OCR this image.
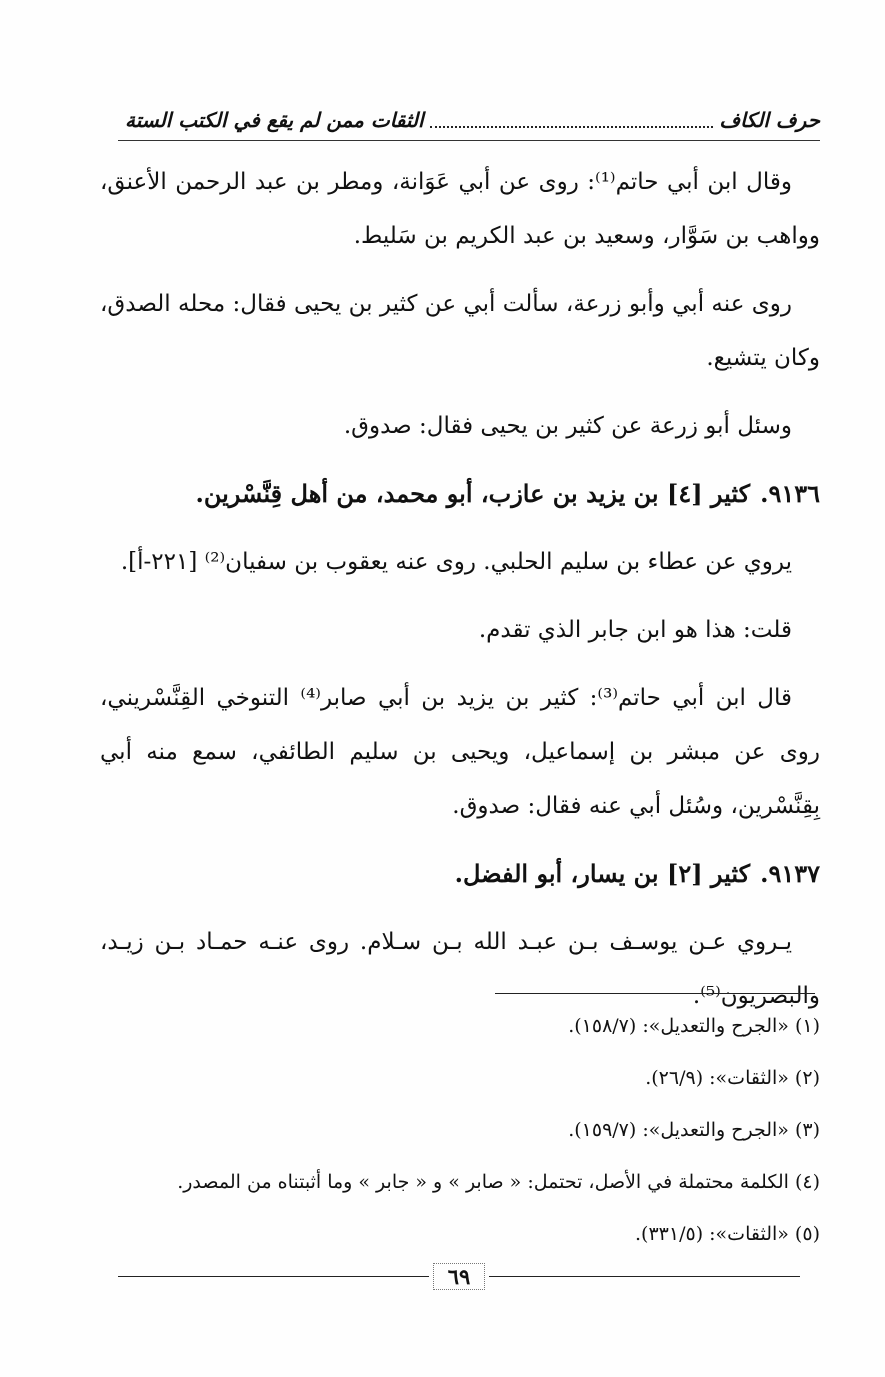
حرف الكاف
الثقات ممن لم يقع في الكتب الستة

وقال ابن أبي حاتم⁽¹⁾: روى عن أبي عَوَانة، ومطر بن عبد الرحمن الأعنق، وواهب بن سَوَّار، وسعيد بن عبد الكريم بن سَليط.

روى عنه أبي وأبو زرعة، سألت أبي عن كثير بن يحيى فقال: محله الصدق، وكان يتشيع.

وسئل أبو زرعة عن كثير بن يحيى فقال: صدوق.

٩١٣٦.
كثير [٤] بن يزيد بن عازب، أبو محمد، من أهل قِنَّسْرين.

يروي عن عطاء بن سليم الحلبي. روى عنه يعقوب بن سفيان⁽²⁾ [٢٢١-أ].

قلت: هذا هو ابن جابر الذي تقدم.

قال ابن أبي حاتم⁽³⁾: كثير بن يزيد بن أبي صابر⁽⁴⁾ التنوخي القِنَّسْريني، روى عن مبشر بن إسماعيل، ويحيى بن سليم الطائفي، سمع منه أبي بِقِنَّسْرين، وسُئل أبي عنه فقال: صدوق.

٩١٣٧.
كثير [٢] بن يسار، أبو الفضل.

يـروي عـن يوسـف بـن عبـد الله بـن سـلام. روى عنـه حمـاد بـن زيـد، والبصريون⁽⁵⁾.

(١) «الجرح والتعديل»: (١٥٨/٧).

(٢) «الثقات»: (٢٦/٩).

(٣) «الجرح والتعديل»: (١٥٩/٧).

(٤) الكلمة محتملة في الأصل، تحتمل: « صابر » و « جابر » وما أثبتناه من المصدر.

(٥) «الثقات»: (٣٣١/٥).

٦٩
